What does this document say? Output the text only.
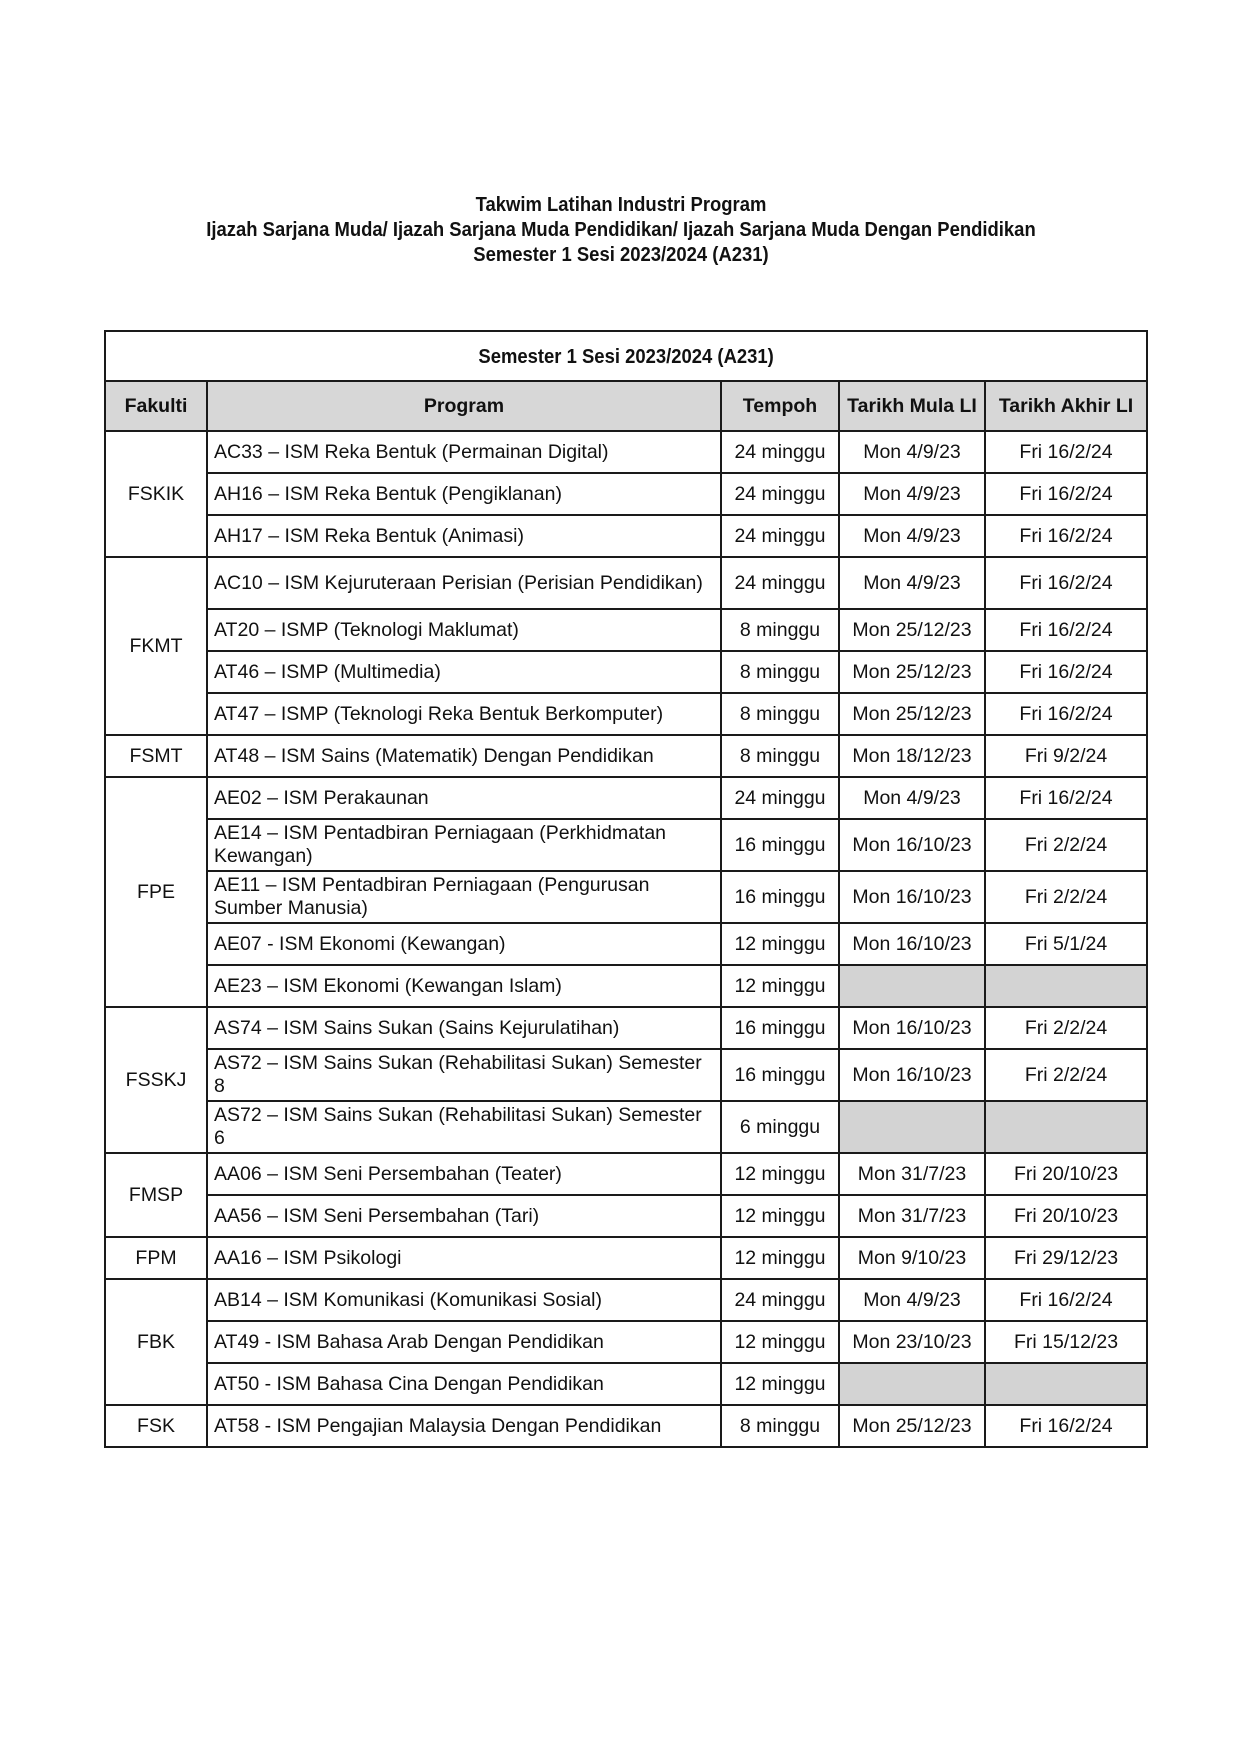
Takwim Latihan Industri Program
Ijazah Sarjana Muda/ Ijazah Sarjana Muda Pendidikan/ Ijazah Sarjana Muda Dengan Pendidikan
Semester 1 Sesi 2023/2024 (A231)
Semester 1 Sesi 2023/2024 (A231)				
Fakulti	Program	Tempoh	Tarikh Mula LI	Tarikh Akhir LI
FSKIK	AC33 – ISM Reka Bentuk (Permainan Digital)	24 minggu	Mon 4/9/23	Fri 16/2/24
	AH16 – ISM Reka Bentuk (Pengiklanan)	24 minggu	Mon 4/9/23	Fri 16/2/24
	AH17 – ISM Reka Bentuk (Animasi)	24 minggu	Mon 4/9/23	Fri 16/2/24
FKMT	AC10 – ISM Kejuruteraan Perisian (Perisian Pendidikan)	24 minggu	Mon 4/9/23	Fri 16/2/24
	AT20 – ISMP (Teknologi Maklumat)	8 minggu	Mon 25/12/23	Fri 16/2/24
	AT46 – ISMP (Multimedia)	8 minggu	Mon 25/12/23	Fri 16/2/24
	AT47 – ISMP (Teknologi Reka Bentuk Berkomputer)	8 minggu	Mon 25/12/23	Fri 16/2/24
FSMT	AT48 – ISM Sains (Matematik) Dengan Pendidikan	8 minggu	Mon 18/12/23	Fri 9/2/24
FPE	AE02 – ISM Perakaunan	24 minggu	Mon 4/9/23	Fri 16/2/24
	AE14 – ISM Pentadbiran Perniagaan (Perkhidmatan Kewangan)	16 minggu	Mon 16/10/23	Fri 2/2/24
	AE11 – ISM Pentadbiran Perniagaan (Pengurusan Sumber Manusia)	16 minggu	Mon 16/10/23	Fri 2/2/24
	AE07 - ISM Ekonomi (Kewangan)	12 minggu	Mon 16/10/23	Fri 5/1/24
	AE23 – ISM Ekonomi (Kewangan Islam)	12 minggu		
FSSKJ	AS74 – ISM Sains Sukan (Sains Kejurulatihan)	16 minggu	Mon 16/10/23	Fri 2/2/24
	AS72 – ISM Sains Sukan (Rehabilitasi Sukan) Semester 8	16 minggu	Mon 16/10/23	Fri 2/2/24
	AS72 – ISM Sains Sukan (Rehabilitasi Sukan) Semester 6	6 minggu		
FMSP	AA06 – ISM Seni Persembahan (Teater)	12 minggu	Mon 31/7/23	Fri 20/10/23
	AA56 – ISM Seni Persembahan (Tari)	12 minggu	Mon 31/7/23	Fri 20/10/23
FPM	AA16 – ISM Psikologi	12 minggu	Mon 9/10/23	Fri 29/12/23
FBK	AB14 – ISM Komunikasi (Komunikasi Sosial)	24 minggu	Mon 4/9/23	Fri 16/2/24
	AT49 - ISM Bahasa Arab Dengan Pendidikan	12 minggu	Mon 23/10/23	Fri 15/12/23
	AT50 - ISM Bahasa Cina Dengan Pendidikan	12 minggu		
FSK	AT58 - ISM Pengajian Malaysia Dengan Pendidikan	8 minggu	Mon 25/12/23	Fri 16/2/24
